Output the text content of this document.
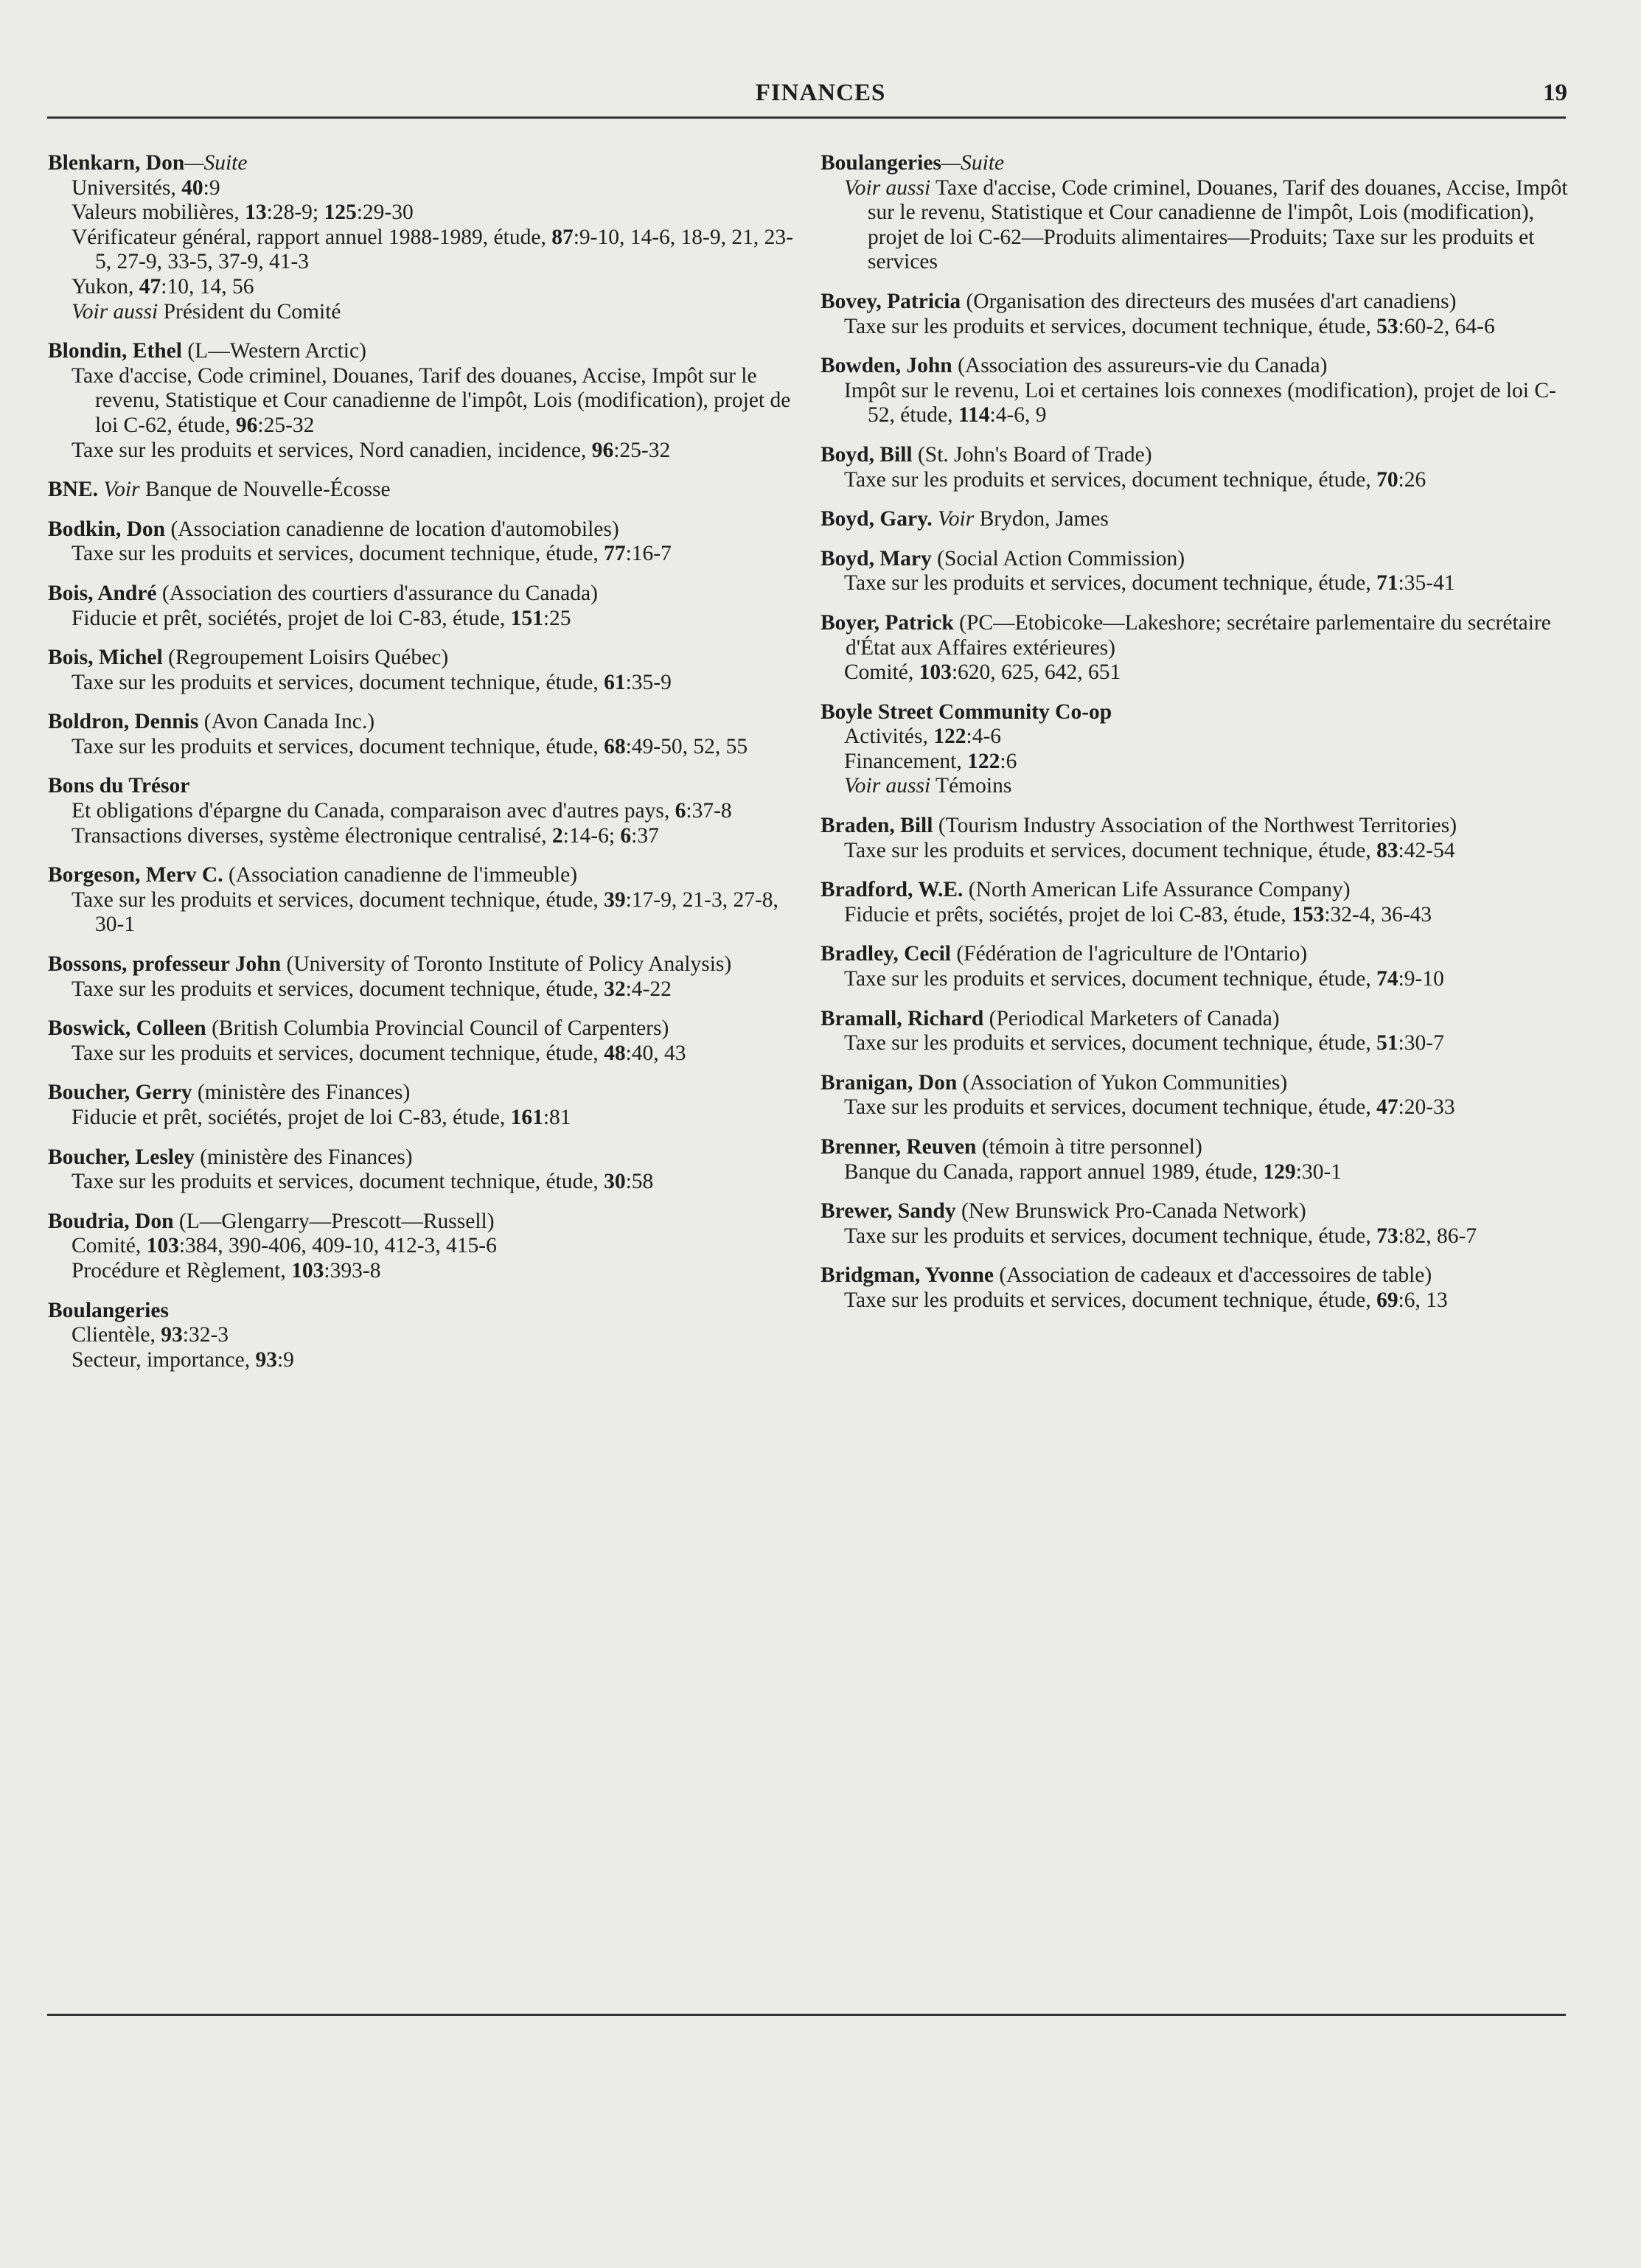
FINANCES	19
Blenkarn, Don—Suite
Universités, 40:9
Valeurs mobilières, 13:28-9; 125:29-30
Vérificateur général, rapport annuel 1988-1989, étude, 87:9-10, 14-6, 18-9, 21, 23-5, 27-9, 33-5, 37-9, 41-3
Yukon, 47:10, 14, 56
Voir aussi Président du Comité
Blondin, Ethel (L—Western Arctic)
Taxe d'accise, Code criminel, Douanes, Tarif des douanes, Accise, Impôt sur le revenu, Statistique et Cour canadienne de l'impôt, Lois (modification), projet de loi C-62, étude, 96:25-32
Taxe sur les produits et services, Nord canadien, incidence, 96:25-32
BNE. Voir Banque de Nouvelle-Écosse
Bodkin, Don (Association canadienne de location d'automobiles)
Taxe sur les produits et services, document technique, étude, 77:16-7
Bois, André (Association des courtiers d'assurance du Canada)
Fiducie et prêt, sociétés, projet de loi C-83, étude, 151:25
Bois, Michel (Regroupement Loisirs Québec)
Taxe sur les produits et services, document technique, étude, 61:35-9
Boldron, Dennis (Avon Canada Inc.)
Taxe sur les produits et services, document technique, étude, 68:49-50, 52, 55
Bons du Trésor
Et obligations d'épargne du Canada, comparaison avec d'autres pays, 6:37-8
Transactions diverses, système électronique centralisé, 2:14-6; 6:37
Borgeson, Merv C. (Association canadienne de l'immeuble)
Taxe sur les produits et services, document technique, étude, 39:17-9, 21-3, 27-8, 30-1
Bossons, professeur John (University of Toronto Institute of Policy Analysis)
Taxe sur les produits et services, document technique, étude, 32:4-22
Boswick, Colleen (British Columbia Provincial Council of Carpenters)
Taxe sur les produits et services, document technique, étude, 48:40, 43
Boucher, Gerry (ministère des Finances)
Fiducie et prêt, sociétés, projet de loi C-83, étude, 161:81
Boucher, Lesley (ministère des Finances)
Taxe sur les produits et services, document technique, étude, 30:58
Boudria, Don (L—Glengarry—Prescott—Russell)
Comité, 103:384, 390-406, 409-10, 412-3, 415-6
Procédure et Règlement, 103:393-8
Boulangeries
Clientèle, 93:32-3
Secteur, importance, 93:9
Boulangeries—Suite
Voir aussi Taxe d'accise, Code criminel, Douanes, Tarif des douanes, Accise, Impôt sur le revenu, Statistique et Cour canadienne de l'impôt, Lois (modification), projet de loi C-62—Produits alimentaires—Produits; Taxe sur les produits et services
Bovey, Patricia (Organisation des directeurs des musées d'art canadiens)
Taxe sur les produits et services, document technique, étude, 53:60-2, 64-6
Bowden, John (Association des assureurs-vie du Canada)
Impôt sur le revenu, Loi et certaines lois connexes (modification), projet de loi C-52, étude, 114:4-6, 9
Boyd, Bill (St. John's Board of Trade)
Taxe sur les produits et services, document technique, étude, 70:26
Boyd, Gary. Voir Brydon, James
Boyd, Mary (Social Action Commission)
Taxe sur les produits et services, document technique, étude, 71:35-41
Boyer, Patrick (PC—Etobicoke—Lakeshore; secrétaire parlementaire du secrétaire d'État aux Affaires extérieures)
Comité, 103:620, 625, 642, 651
Boyle Street Community Co-op
Activités, 122:4-6
Financement, 122:6
Voir aussi Témoins
Braden, Bill (Tourism Industry Association of the Northwest Territories)
Taxe sur les produits et services, document technique, étude, 83:42-54
Bradford, W.E. (North American Life Assurance Company)
Fiducie et prêts, sociétés, projet de loi C-83, étude, 153:32-4, 36-43
Bradley, Cecil (Fédération de l'agriculture de l'Ontario)
Taxe sur les produits et services, document technique, étude, 74:9-10
Bramall, Richard (Periodical Marketers of Canada)
Taxe sur les produits et services, document technique, étude, 51:30-7
Branigan, Don (Association of Yukon Communities)
Taxe sur les produits et services, document technique, étude, 47:20-33
Brenner, Reuven (témoin à titre personnel)
Banque du Canada, rapport annuel 1989, étude, 129:30-1
Brewer, Sandy (New Brunswick Pro-Canada Network)
Taxe sur les produits et services, document technique, étude, 73:82, 86-7
Bridgman, Yvonne (Association de cadeaux et d'accessoires de table)
Taxe sur les produits et services, document technique, étude, 69:6, 13
